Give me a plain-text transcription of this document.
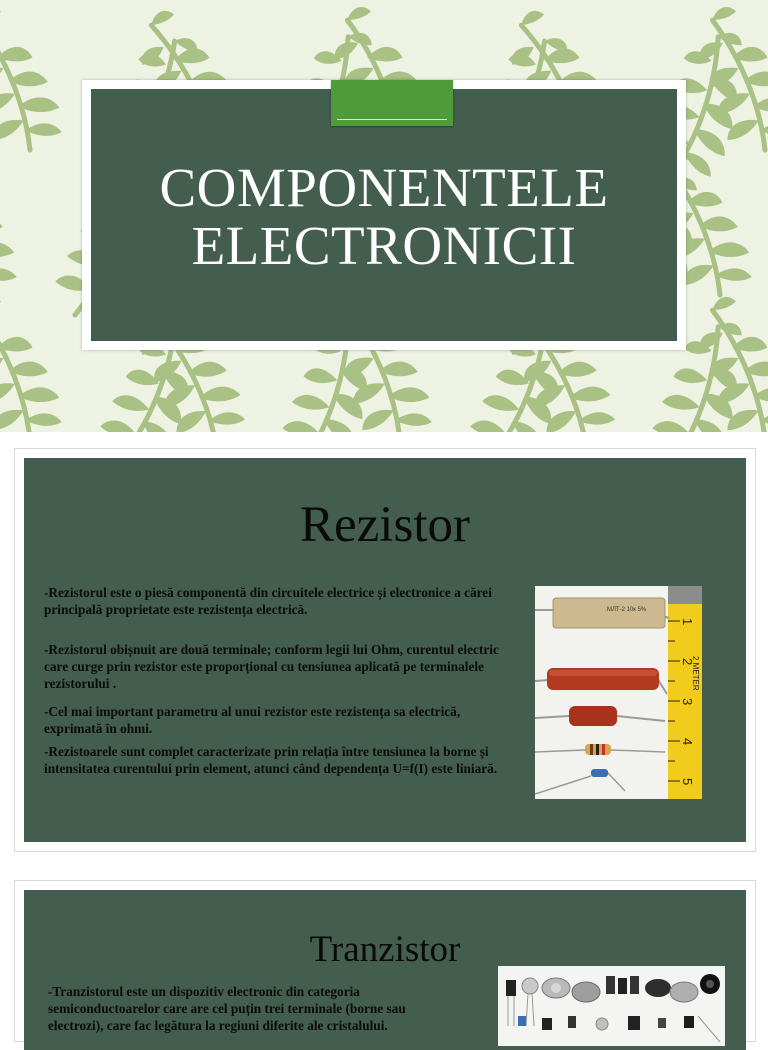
COMPONENTELE
ELECTRONICII
Rezistor

-Rezistorul este o piesă componentă din circuitele electrice și electronice a cărei principală proprietate este rezistența electrică.

-Rezistorul obișnuit are două terminale; conform legii lui Ohm, curentul electric care curge prin rezistor este proporțional cu tensiunea aplicată pe terminalele rezistorului .

-Cel mai important parametru al unui rezistor este rezistența sa electrică, exprimată în ohmi.

-Rezistoarele sunt complet caracterizate prin relația între tensiunea la borne și intensitatea curentului prin element, atunci când dependența U=f(I) este liniară.

1
2
3
4
5
2 METER
МЛТ-2 10к 5%
Tranzistor

-Tranzistorul este un dispozitiv electronic din categoria semiconductoarelor care are cel puțin trei terminale (borne sau electrozi), care fac legătura la regiuni diferite ale cristalului.
